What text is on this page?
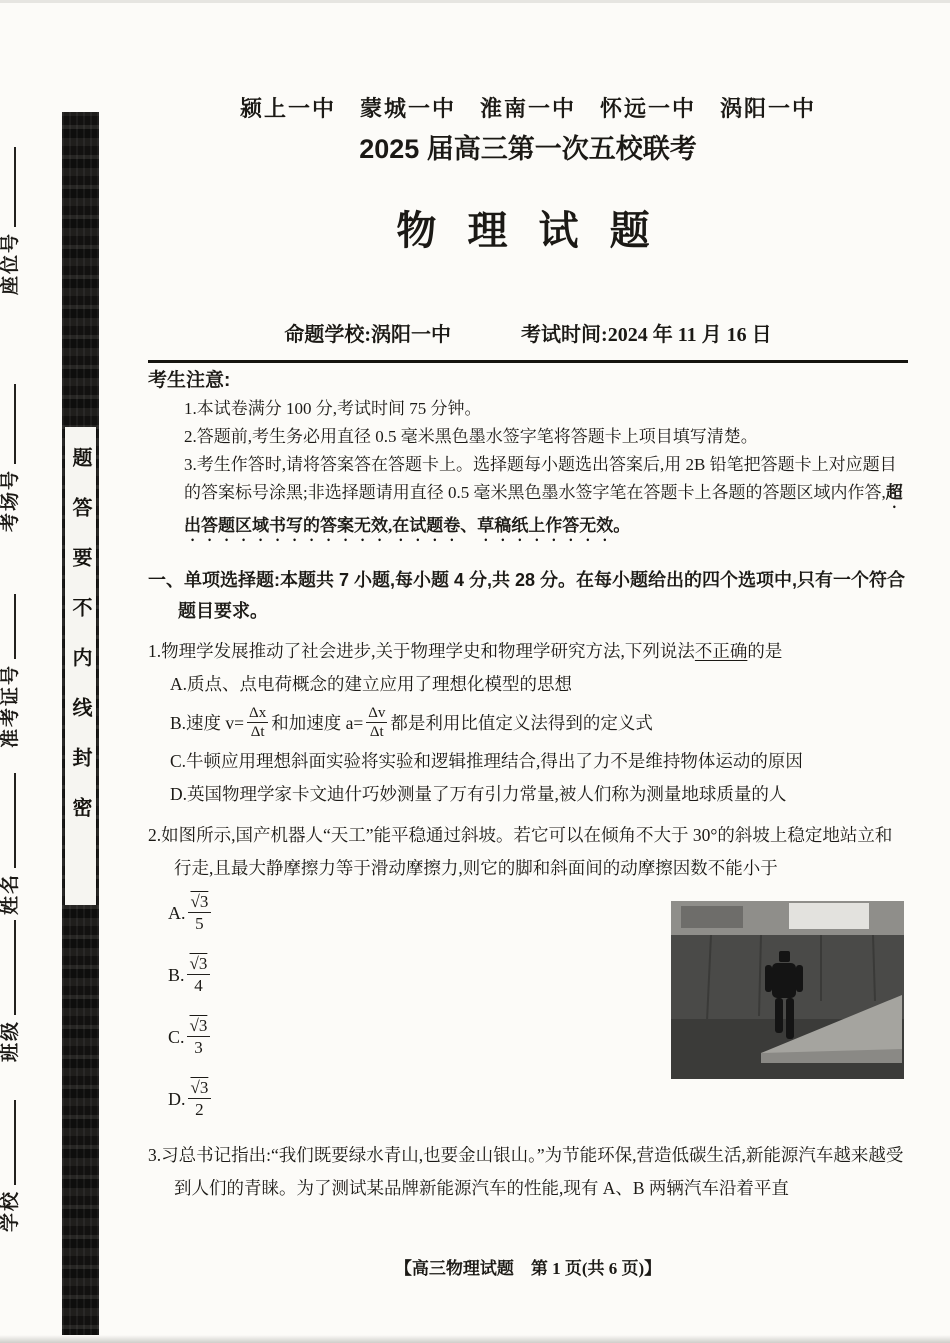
座位号
考场号
准考证号
姓名
班级
学校
题答要不内线封密
颍上一中　蒙城一中　淮南一中　怀远一中　涡阳一中
2025 届高三第一次五校联考
物 理 试 题
命题学校:涡阳一中	考试时间:2024 年 11 月 16 日
考生注意:
1.本试卷满分 100 分,考试时间 75 分钟。
2.答题前,考生务必用直径 0.5 毫米黑色墨水签字笔将答题卡上项目填写清楚。
3.考生作答时,请将答案答在答题卡上。选择题每小题选出答案后,用 2B 铅笔把答题卡上对应题目的答案标号涂黑;非选择题请用直径 0.5 毫米黑色墨水签字笔在答题卡上各题的答题区域内作答,超出答题区域书写的答案无效,在试题卷、草稿纸上作答无效。
一、单项选择题:本题共 7 小题,每小题 4 分,共 28 分。在每小题给出的四个选项中,只有一个符合题目要求。
1.物理学发展推动了社会进步,关于物理学史和物理学研究方法,下列说法不正确的是
A.质点、点电荷概念的建立应用了理想化模型的思想
B.速度 $v= \frac{\Delta x}{\Delta t}$ 和加速度 $a= \frac{\Delta v}{\Delta t}$ 都是利用比值定义法得到的定义式
C.牛顿应用理想斜面实验将实验和逻辑推理结合,得出了力不是维持物体运动的原因
D.英国物理学家卡文迪什巧妙测量了万有引力常量,被人们称为测量地球质量的人
2.如图所示,国产机器人“天工”能平稳通过斜坡。若它可以在倾角不大于 30°的斜坡上稳定地站立和行走,且最大静摩擦力等于滑动摩擦力,则它的脚和斜面间的动摩擦因数不能小于
A. $\frac{√3}{5}$
B. $\frac{√3}{4}$
C. $\frac{√3}{3}$
D. $\frac{√3}{2}$
3.习总书记指出:“我们既要绿水青山,也要金山银山。”为节能环保,营造低碳生活,新能源汽车越来越受到人们的青睐。为了测试某品牌新能源汽车的性能,现有 A、B 两辆汽车沿着平直
【高三物理试题　第 1 页(共 6 页)】
